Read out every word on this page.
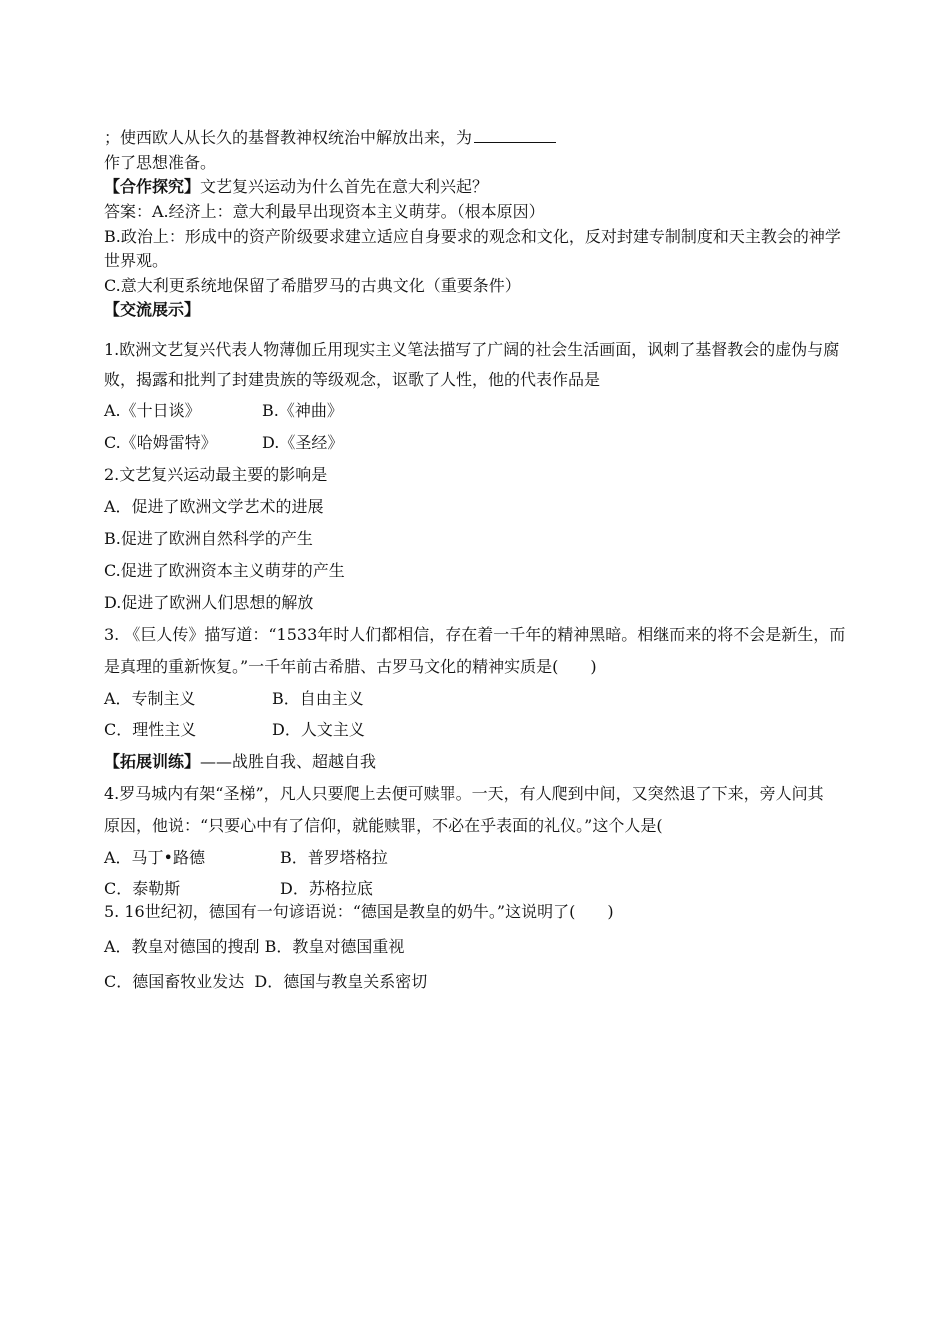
；使西欧人从长久的基督教神权统治中解放出来，为
作了思想准备。
【合作探究】文艺复兴运动为什么首先在意大利兴起？
答案：A.经济上：意大利最早出现资本主义萌芽。（根本原因）
B.政治上：形成中的资产阶级要求建立适应自身要求的观念和文化，反对封建专制制度和天主教会的神学
世界观。
C.意大利更系统地保留了希腊罗马的古典文化（重要条件）
【交流展示】
1.欧洲文艺复兴代表人物薄伽丘用现实主义笔法描写了广阔的社会生活画面，讽刺了基督教会的虚伪与腐
败，揭露和批判了封建贵族的等级观念，讴歌了人性，他的代表作品是
A.《十日谈》	B.《神曲》
C.《哈姆雷特》	D.《圣经》
2.文艺复兴运动最主要的影响是
A．促进了欧洲文学艺术的进展
B.促进了欧洲自然科学的产生
C.促进了欧洲资本主义萌芽的产生
D.促进了欧洲人们思想的解放
3. 《巨人传》描写道：“1533年时人们都相信，存在着一千年的精神黑暗。相继而来的将不会是新生，而
是真理的重新恢复。”一千年前古希腊、古罗马文化的精神实质是(　　)
A．专制主义	B．自由主义
C．理性主义	D．人文主义
【拓展训练】——战胜自我、超越自我
4.罗马城内有架“圣梯”，凡人只要爬上去便可赎罪。一天，有人爬到中间，又突然退了下来，旁人问其
原因，他说：“只要心中有了信仰，就能赎罪，不必在乎表面的礼仪。”这个人是(
A．马丁•路德	B．普罗塔格拉
C．泰勒斯	D．苏格拉底
5. 16世纪初，德国有一句谚语说：“德国是教皇的奶牛。”这说明了(　　)
A．教皇对德国的搜刮 B．教皇对德国重视
C．德国畜牧业发达 D．德国与教皇关系密切
